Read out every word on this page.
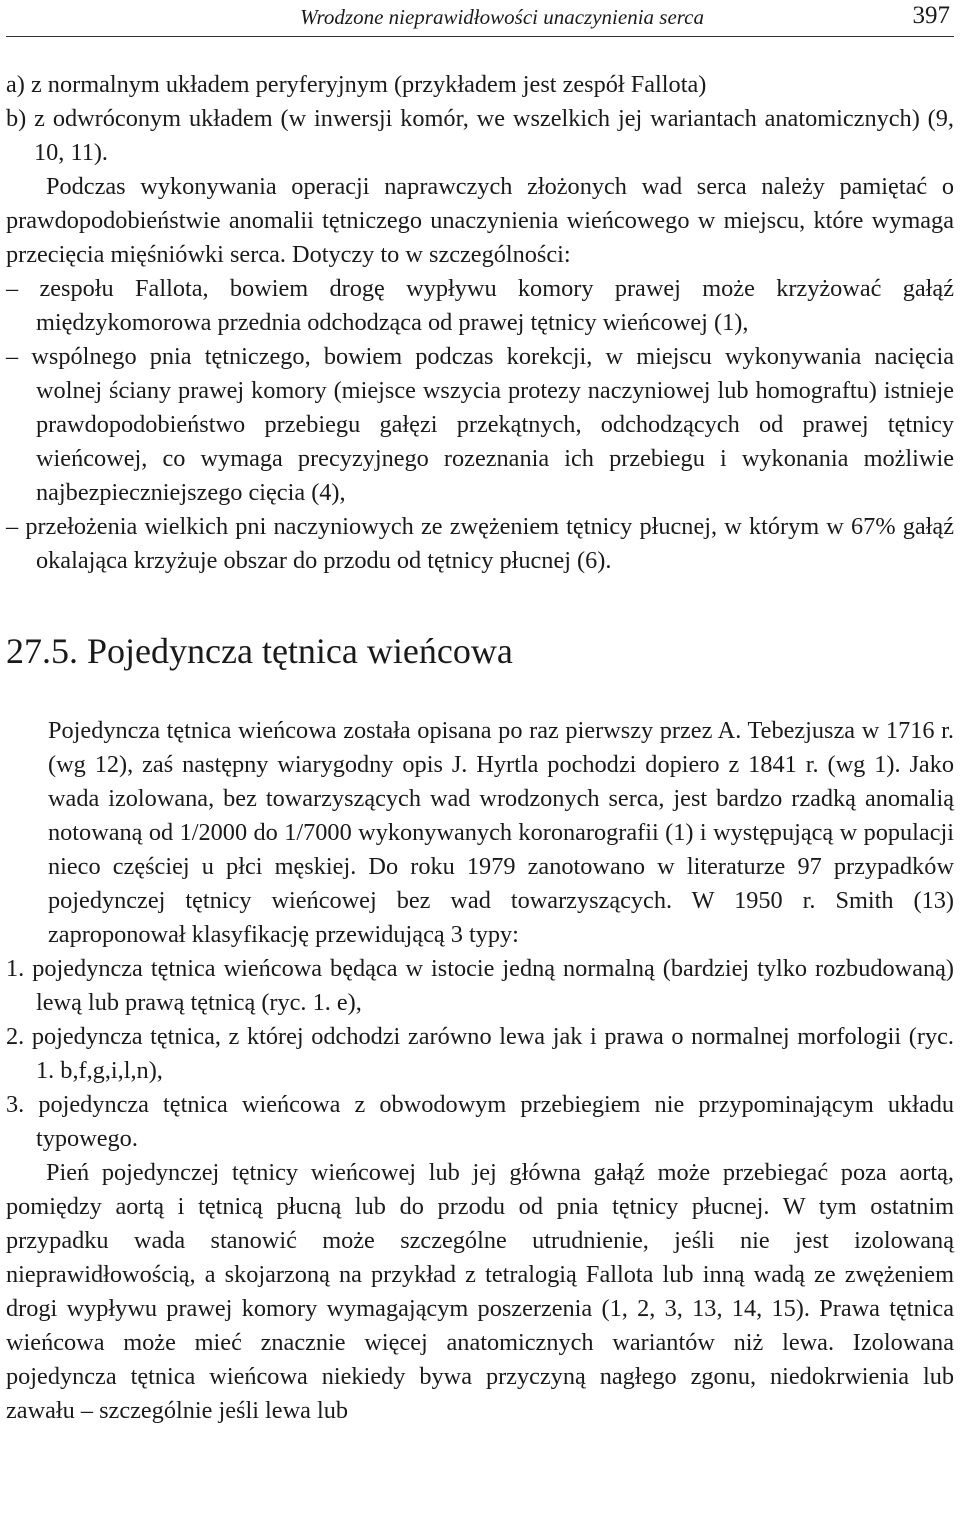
Wrodzone nieprawidłowości unaczynienia serca	397

a) z normalnym układem peryferyjnym (przykładem jest zespół Fallota)

b) z odwróconym układem (w inwersji komór, we wszelkich jej wariantach anatomicznych) (9, 10, 11).

Podczas wykonywania operacji naprawczych złożonych wad serca należy pamiętać o prawdopodobieństwie anomalii tętniczego unaczynienia wieńcowego w miejscu, które wymaga przecięcia mięśniówki serca. Dotyczy to w szczególności:

– zespołu Fallota, bowiem drogę wypływu komory prawej może krzyżować gałąź międzykomorowa przednia odchodząca od prawej tętnicy wieńcowej (1),

– wspólnego pnia tętniczego, bowiem podczas korekcji, w miejscu wykonywania nacięcia wolnej ściany prawej komory (miejsce wszycia protezy naczyniowej lub homograftu) istnieje prawdopodobieństwo przebiegu gałęzi przekątnych, odchodzących od prawej tętnicy wieńcowej, co wymaga precyzyjnego rozeznania ich przebiegu i wykonania możliwie najbezpieczniejszego cięcia (4),

– przełożenia wielkich pni naczyniowych ze zwężeniem tętnicy płucnej, w którym w 67% gałąź okalająca krzyżuje obszar do przodu od tętnicy płucnej (6).

27.5. Pojedyncza tętnica wieńcowa

Pojedyncza tętnica wieńcowa została opisana po raz pierwszy przez A. Tebezjusza w 1716 r. (wg 12), zaś następny wiarygodny opis J. Hyrtla pochodzi dopiero z 1841 r. (wg 1). Jako wada izolowana, bez towarzyszących wad wrodzonych serca, jest bardzo rzadką anomalią notowaną od 1/2000 do 1/7000 wykonywanych koronarografii (1) i występującą w populacji nieco częściej u płci męskiej. Do roku 1979 zanotowano w literaturze 97 przypadków pojedynczej tętnicy wieńcowej bez wad towarzyszących. W 1950 r. Smith (13) zaproponował klasyfikację przewidującą 3 typy:

1. pojedyncza tętnica wieńcowa będąca w istocie jedną normalną (bardziej tylko rozbudowaną) lewą lub prawą tętnicą (ryc. 1. e),

2. pojedyncza tętnica, z której odchodzi zarówno lewa jak i prawa o normalnej morfologii (ryc. 1. b,f,g,i,l,n),

3. pojedyncza tętnica wieńcowa z obwodowym przebiegiem nie przypominającym układu typowego.

Pień pojedynczej tętnicy wieńcowej lub jej główna gałąź może przebiegać poza aortą, pomiędzy aortą i tętnicą płucną lub do przodu od pnia tętnicy płucnej. W tym ostatnim przypadku wada stanowić może szczególne utrudnienie, jeśli nie jest izolowaną nieprawidłowością, a skojarzoną na przykład z tetralogią Fallota lub inną wadą ze zwężeniem drogi wypływu prawej komory wymagającym poszerzenia (1, 2, 3, 13, 14, 15). Prawa tętnica wieńcowa może mieć znacznie więcej anatomicznych wariantów niż lewa. Izolowana pojedyncza tętnica wieńcowa niekiedy bywa przyczyną nagłego zgonu, niedokrwienia lub zawału – szczególnie jeśli lewa lub
